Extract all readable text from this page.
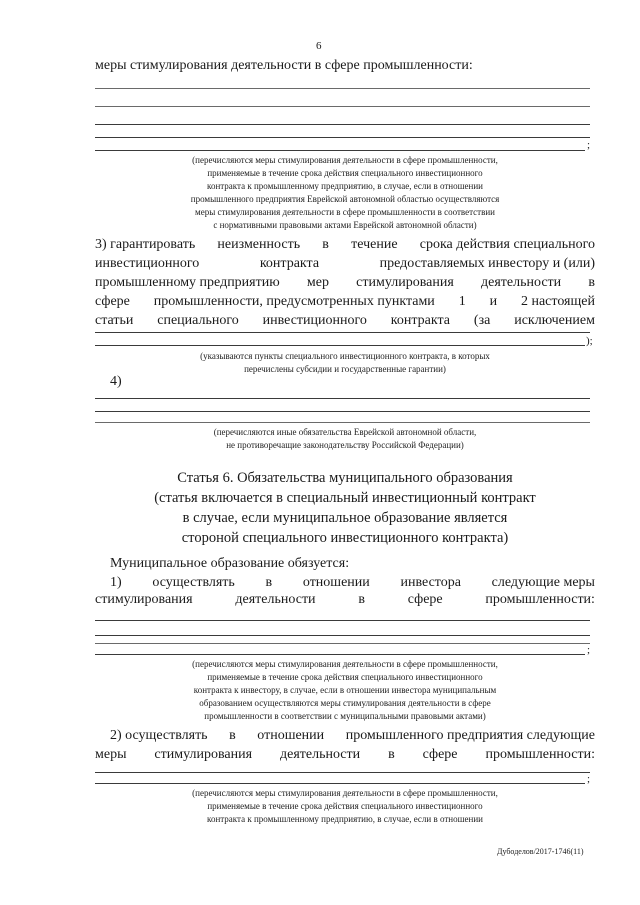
6
меры стимулирования деятельности в сфере промышленности:
;
(перечисляются меры стимулирования деятельности в сфере промышленности,
применяемые в течение срока действия специального инвестиционного
контракта к промышленному предприятию, в случае, если в отношении
промышленного предприятия Еврейской автономной областью осуществляются
меры стимулирования деятельности в сфере промышленности в соответствии
с нормативными правовыми актами Еврейской автономной области)
3) гарантировать неизменность в течение срока действия специального
инвестиционного	контракта	предоставляемых инвестору и (или)
промышленному предприятию мер стимулирования деятельности в
сфере промышленности, предусмотренных пунктами 1 и 2 настоящей
статьи специального инвестиционного контракта (за исключением
);
(указываются пункты специального инвестиционного контракта, в которых
перечислены субсидии и государственные гарантии)
4)
(перечисляются иные обязательства Еврейской автономной области,
не противоречащие законодательству Российской Федерации)
Статья 6. Обязательства муниципального образования
(статья включается в специальный инвестиционный контракт
в случае, если муниципальное образование является
стороной специального инвестиционного контракта)
Муниципальное образование обязуется:
1) осуществлять в отношении инвестора следующие меры
стимулирования	деятельности	в	сфере	промышленности:
;
(перечисляются меры стимулирования деятельности в сфере промышленности,
применяемые в течение срока действия специального инвестиционного
контракта к инвестору, в случае, если в отношении инвестора муниципальным
образованием осуществляются меры стимулирования деятельности в сфере
промышленности в соответствии с муниципальными правовыми актами)
2) осуществлять в отношении промышленного предприятия следующие
меры стимулирования деятельности в сфере промышленности:
;
(перечисляются меры стимулирования деятельности в сфере промышленности,
применяемые в течение срока действия специального инвестиционного
контракта к промышленному предприятию, в случае, если в отношении
Дубоделов/2017-1746(11)
